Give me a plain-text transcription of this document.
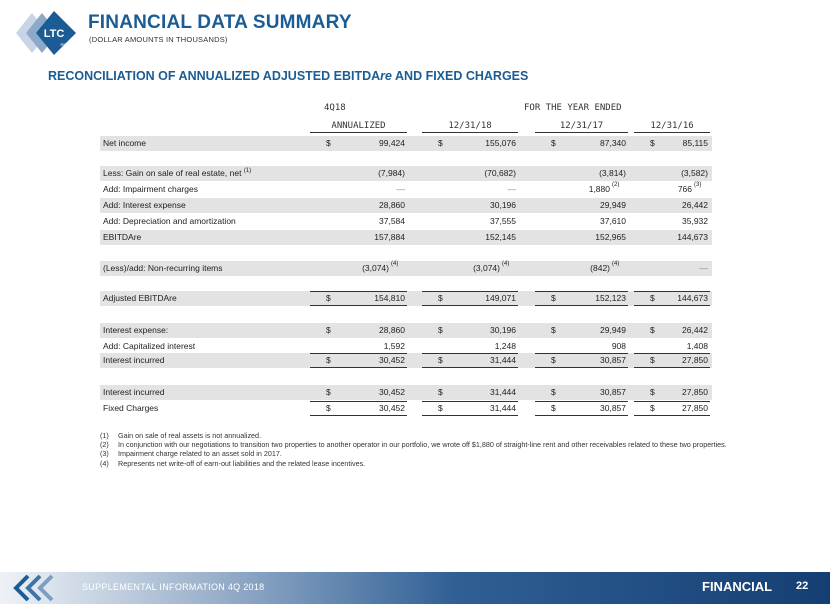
LTC
REIT
FINANCIAL DATA SUMMARY
(DOLLAR AMOUNTS IN THOUSANDS)
RECONCILIATION OF ANNUALIZED ADJUSTED EBITDAre AND FIXED CHARGES
4Q18	FOR THE YEAR ENDED
ANNUALIZED	12/31/18	12/31/17	12/31/16
Net income	$	99,424	$	155,076	$	87,340	$	85,115
Less: Gain on sale of real estate, net $^{(1)}$	(7,984)	(70,682)	(3,814)	(3,582)
Add: Impairment charges	—	—	1,880 (2)	766 (3)
Add: Interest expense	28,860	30,196	29,949	26,442
Add: Depreciation and amortization	37,584	37,555	37,610	35,932
EBITDAre	157,884	152,145	152,965	144,673
(Less)/add: Non-recurring items	(3,074) (4)	(3,074) (4)	(842) (4)	—
Adjusted EBITDAre	$	154,810	$	149,071	$	152,123	$	144,673
Interest expense:	$	28,860	$	30,196	$	29,949	$	26,442
Add: Capitalized interest	1,592	1,248	908	1,408
Interest incurred	$	30,452	$	31,444	$	30,857	$	27,850
Interest incurred	$	30,452	$	31,444	$	30,857	$	27,850
Fixed Charges	$	30,452	$	31,444	$	30,857	$	27,850
(1) Gain on sale of real assets is not annualized.
(2) In conjunction with our negotiations to transition two properties to another operator in our portfolio, we wrote off $1,880 of straight-line rent and other receivables related to these two properties.
(3) Impairment charge related to an asset sold in 2017.
(4) Represents net write-off of earn-out liabilities and the related lease incentives.
SUPPLEMENTAL INFORMATION 4Q 2018	FINANCIAL 22
